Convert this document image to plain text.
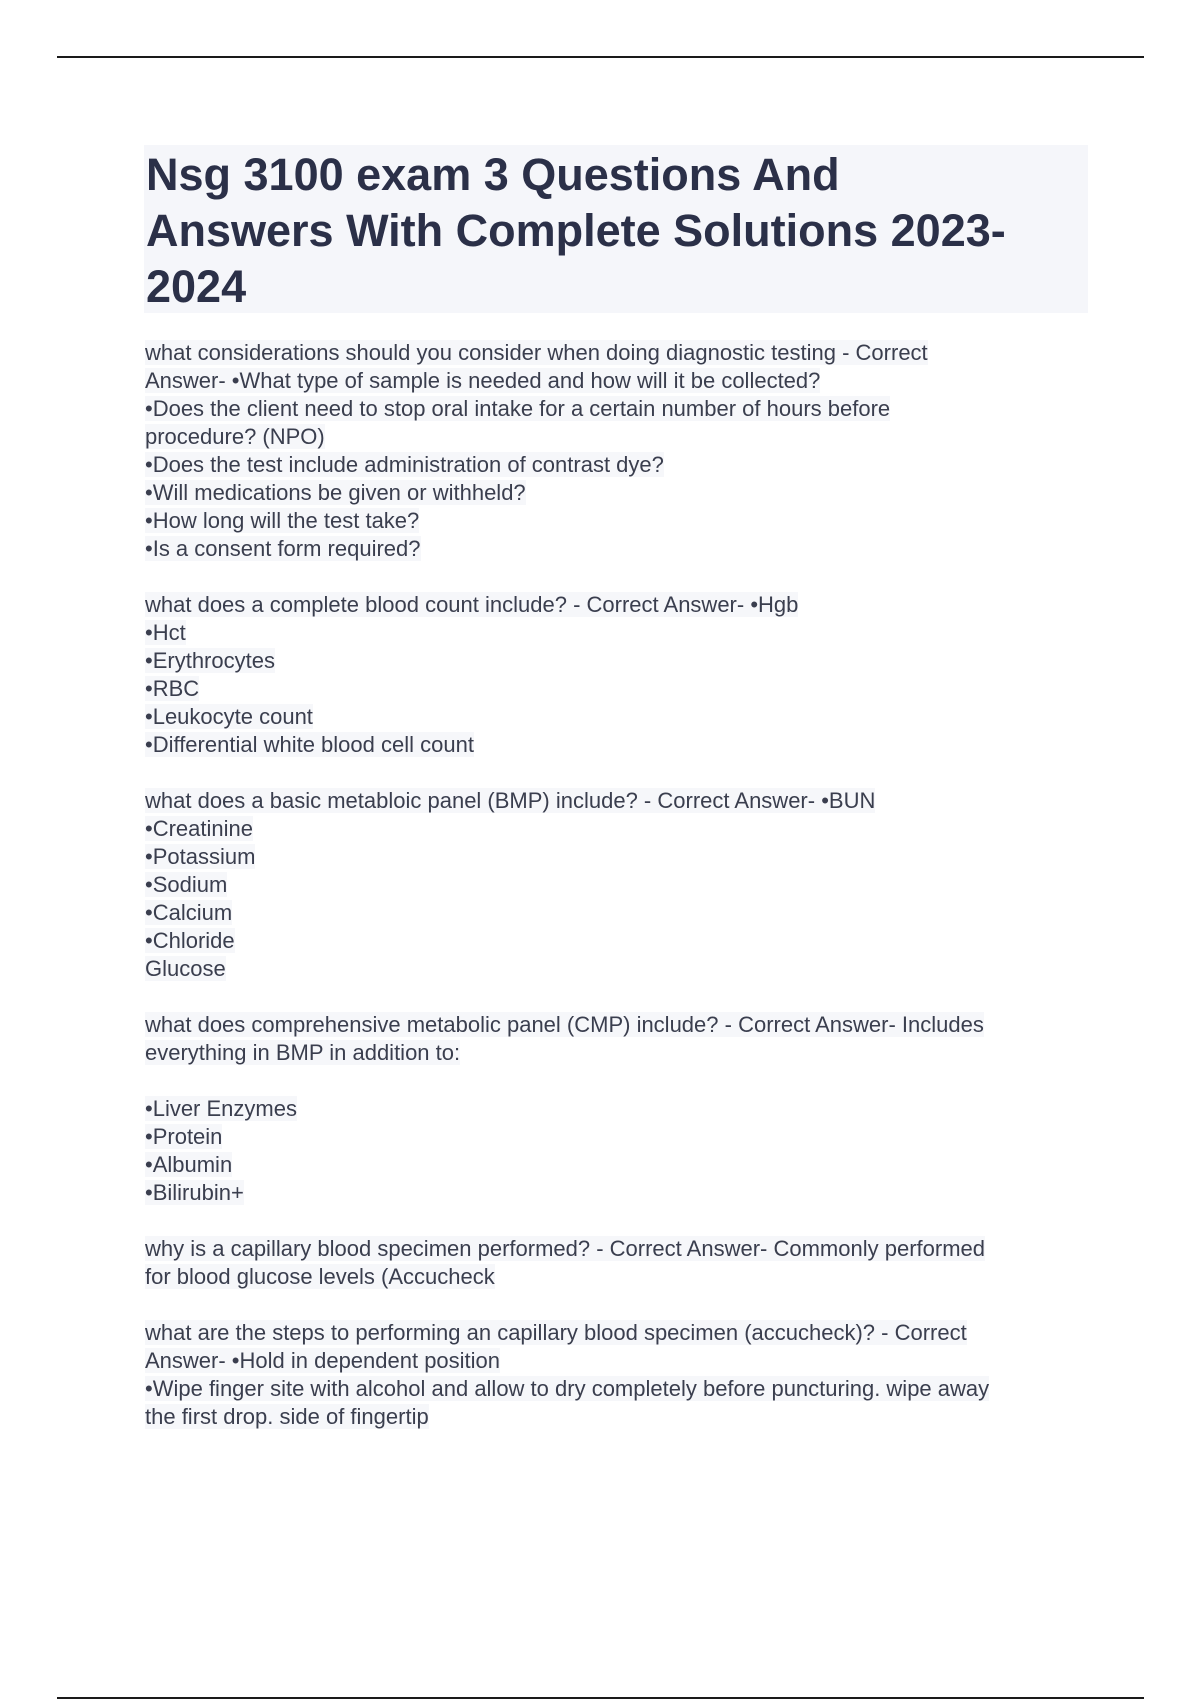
Nsg 3100 exam 3 Questions And
Answers With Complete Solutions 2023-
2024
what considerations should you consider when doing diagnostic testing - Correct
Answer- •What type of sample is needed and how will it be collected?
•Does the client need to stop oral intake for a certain number of hours before
procedure? (NPO)
•Does the test include administration of contrast dye?
•Will medications be given or withheld?
•How long will the test take?
•Is a consent form required?
what does a complete blood count include? - Correct Answer- •Hgb
•Hct
•Erythrocytes
•RBC
•Leukocyte count
•Differential white blood cell count
what does a basic metabloic panel (BMP) include? - Correct Answer- •BUN
•Creatinine
•Potassium
•Sodium
•Calcium
•Chloride
Glucose
what does comprehensive metabolic panel (CMP) include? - Correct Answer- Includes
everything in BMP in addition to:
•Liver Enzymes
•Protein
•Albumin
•Bilirubin+
why is a capillary blood specimen performed? - Correct Answer- Commonly performed
for blood glucose levels (Accucheck
what are the steps to performing an capillary blood specimen (accucheck)? - Correct
Answer- •Hold in dependent position
•Wipe finger site with alcohol and allow to dry completely before puncturing. wipe away
the first drop. side of fingertip
